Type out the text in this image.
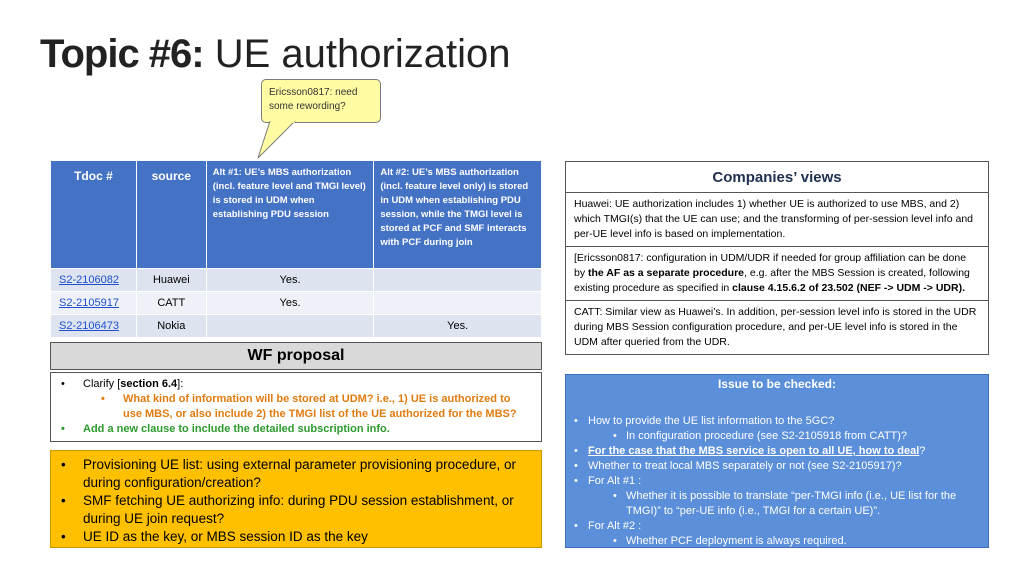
Topic #6: UE authorization
Ericsson0817: need some rewording?
Tdoc #	source	Alt #1: UE’s MBS authorization (incl. feature level and TMGI level) is stored in UDM when establishing PDU session	Alt #2: UE’s MBS authorization (incl. feature level only) is stored in UDM when establishing PDU session, while the TMGI level is stored at PCF and SMF interacts with PCF during join
S2-2106082	Huawei	Yes.	
S2-2105917	CATT	Yes.	
S2-2106473	Nokia		Yes.
Companies’ views
Huawei: UE authorization includes 1) whether UE is authorized to use MBS, and 2) which TMGI(s) that the UE can use; and the transforming of per-session level info and per-UE level info is based on implementation.
[Ericsson0817: configuration in UDM/UDR if needed for group affiliation can be done by the AF as a separate procedure, e.g. after the MBS Session is created, following existing procedure as specified in clause 4.15.6.2 of 23.502 (NEF -> UDM -> UDR).
CATT: Similar view as Huawei’s. In addition, per-session level info is stored in the UDR during MBS Session configuration procedure, and per-UE level info is stored in the UDM after queried from the UDR.
WF proposal
• Clarify [section 6.4]:
• What kind of information will be stored at UDM? i.e., 1) UE is authorized to use MBS, or also include 2) the TMGI list of the UE authorized for the MBS?
• Add a new clause to include the detailed subscription info.
Issue to be checked:
• How to provide the UE list information to the 5GC?
• In configuration procedure (see S2-2105918 from CATT)?
• For the case that the MBS service is open to all UE, how to deal?
• Whether to treat local MBS separately or not (see S2-2105917)?
• For Alt #1 :
• Whether it is possible to translate “per-TMGI info (i.e., UE list for the TMGI)” to “per-UE info (i.e., TMGI for a certain UE)”.
• For Alt #2 :
• Whether PCF deployment is always required.
• Provisioning UE list: using external parameter provisioning procedure, or during configuration/creation?
• SMF fetching UE authorizing info: during PDU session establishment, or during UE join request?
• UE ID as the key, or MBS session ID as the key
